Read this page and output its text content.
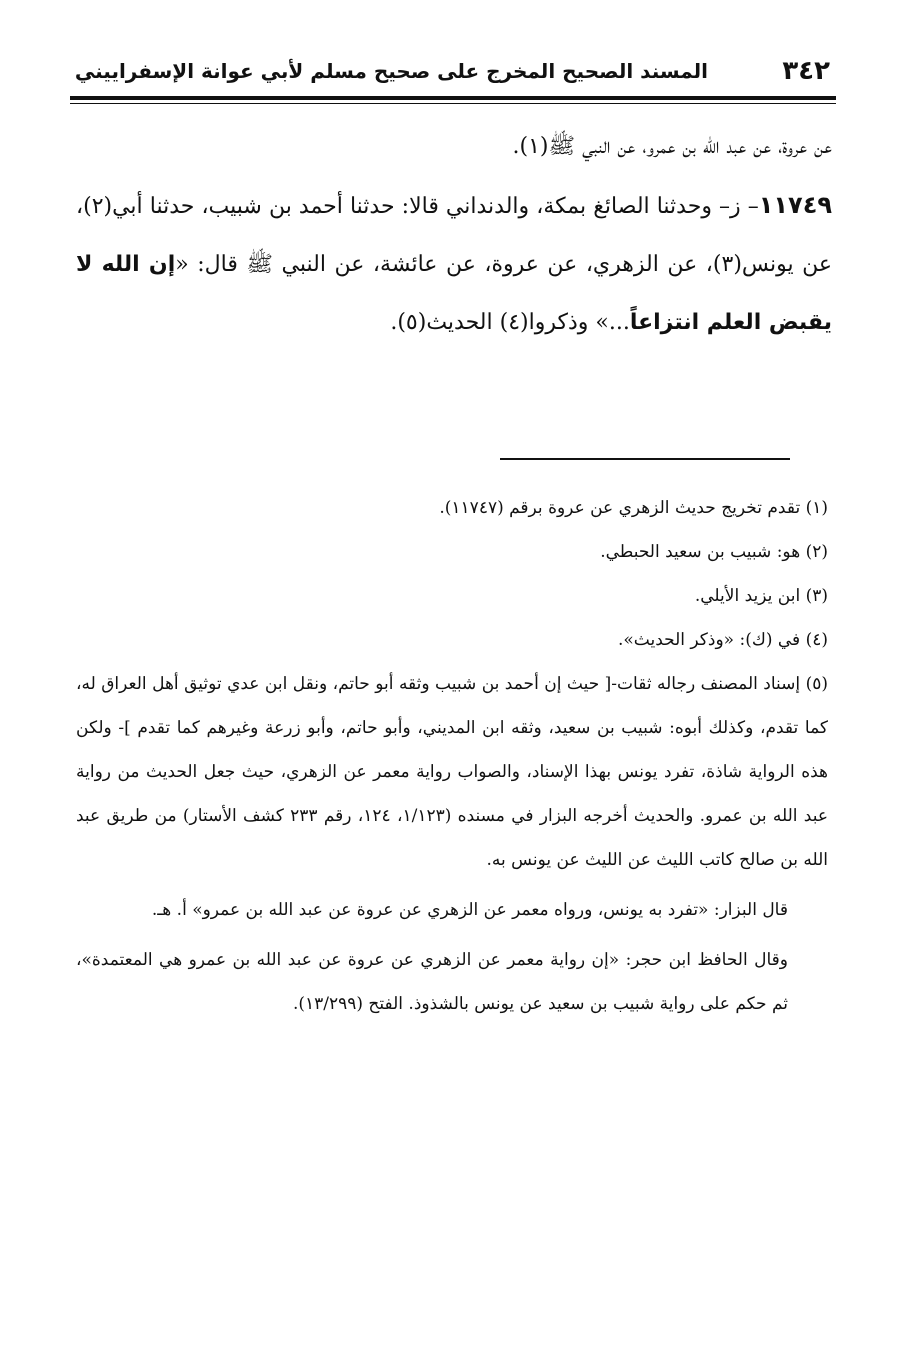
٣٤٢
المسند الصحيح المخرج على صحيح مسلم لأبي عوانة الإسفراييني

عن عروة، عن عبد الله بن عمرو، عن النبي ﷺ(١).

١١٧٤٩– ز– وحدثنا الصائغ بمكة، والدنداني قالا: حدثنا أحمد بن شبيب، حدثنا أبي(٢)، عن يونس(٣)، عن الزهري، عن عروة، عن عائشة، عن النبي ﷺ قال: «إن الله لا يقبض العلم انتزاعاً...» وذكروا(٤) الحديث(٥).

(١) تقدم تخريج حديث الزهري عن عروة برقم (١١٧٤٧).

(٢) هو: شبيب بن سعيد الحبطي.

(٣) ابن يزيد الأيلي.

(٤) في (ك): «وذكر الحديث».

(٥) إسناد المصنف رجاله ثقات-[ حيث إن أحمد بن شبيب وثقه أبو حاتم، ونقل ابن عدي توثيق أهل العراق له، كما تقدم، وكذلك أبوه: شبيب بن سعيد، وثقه ابن المديني، وأبو حاتم، وأبو زرعة وغيرهم كما تقدم ]- ولكن هذه الرواية شاذة، تفرد يونس بهذا الإسناد، والصواب رواية معمر عن الزهري، حيث جعل الحديث من رواية عبد الله بن عمرو. والحديث أخرجه البزار في مسنده (١/١٢٣، ١٢٤، رقم ٢٣٣ كشف الأستار) من طريق عبد الله بن صالح كاتب الليث عن الليث عن يونس به.

قال البزار: «تفرد به يونس، ورواه معمر عن الزهري عن عروة عن عبد الله بن عمرو» أ. هـ.

وقال الحافظ ابن حجر: «إن رواية معمر عن الزهري عن عروة عن عبد الله بن عمرو هي المعتمدة»، ثم حكم على رواية شبيب بن سعيد عن يونس بالشذوذ. الفتح (١٣/٢٩٩).
